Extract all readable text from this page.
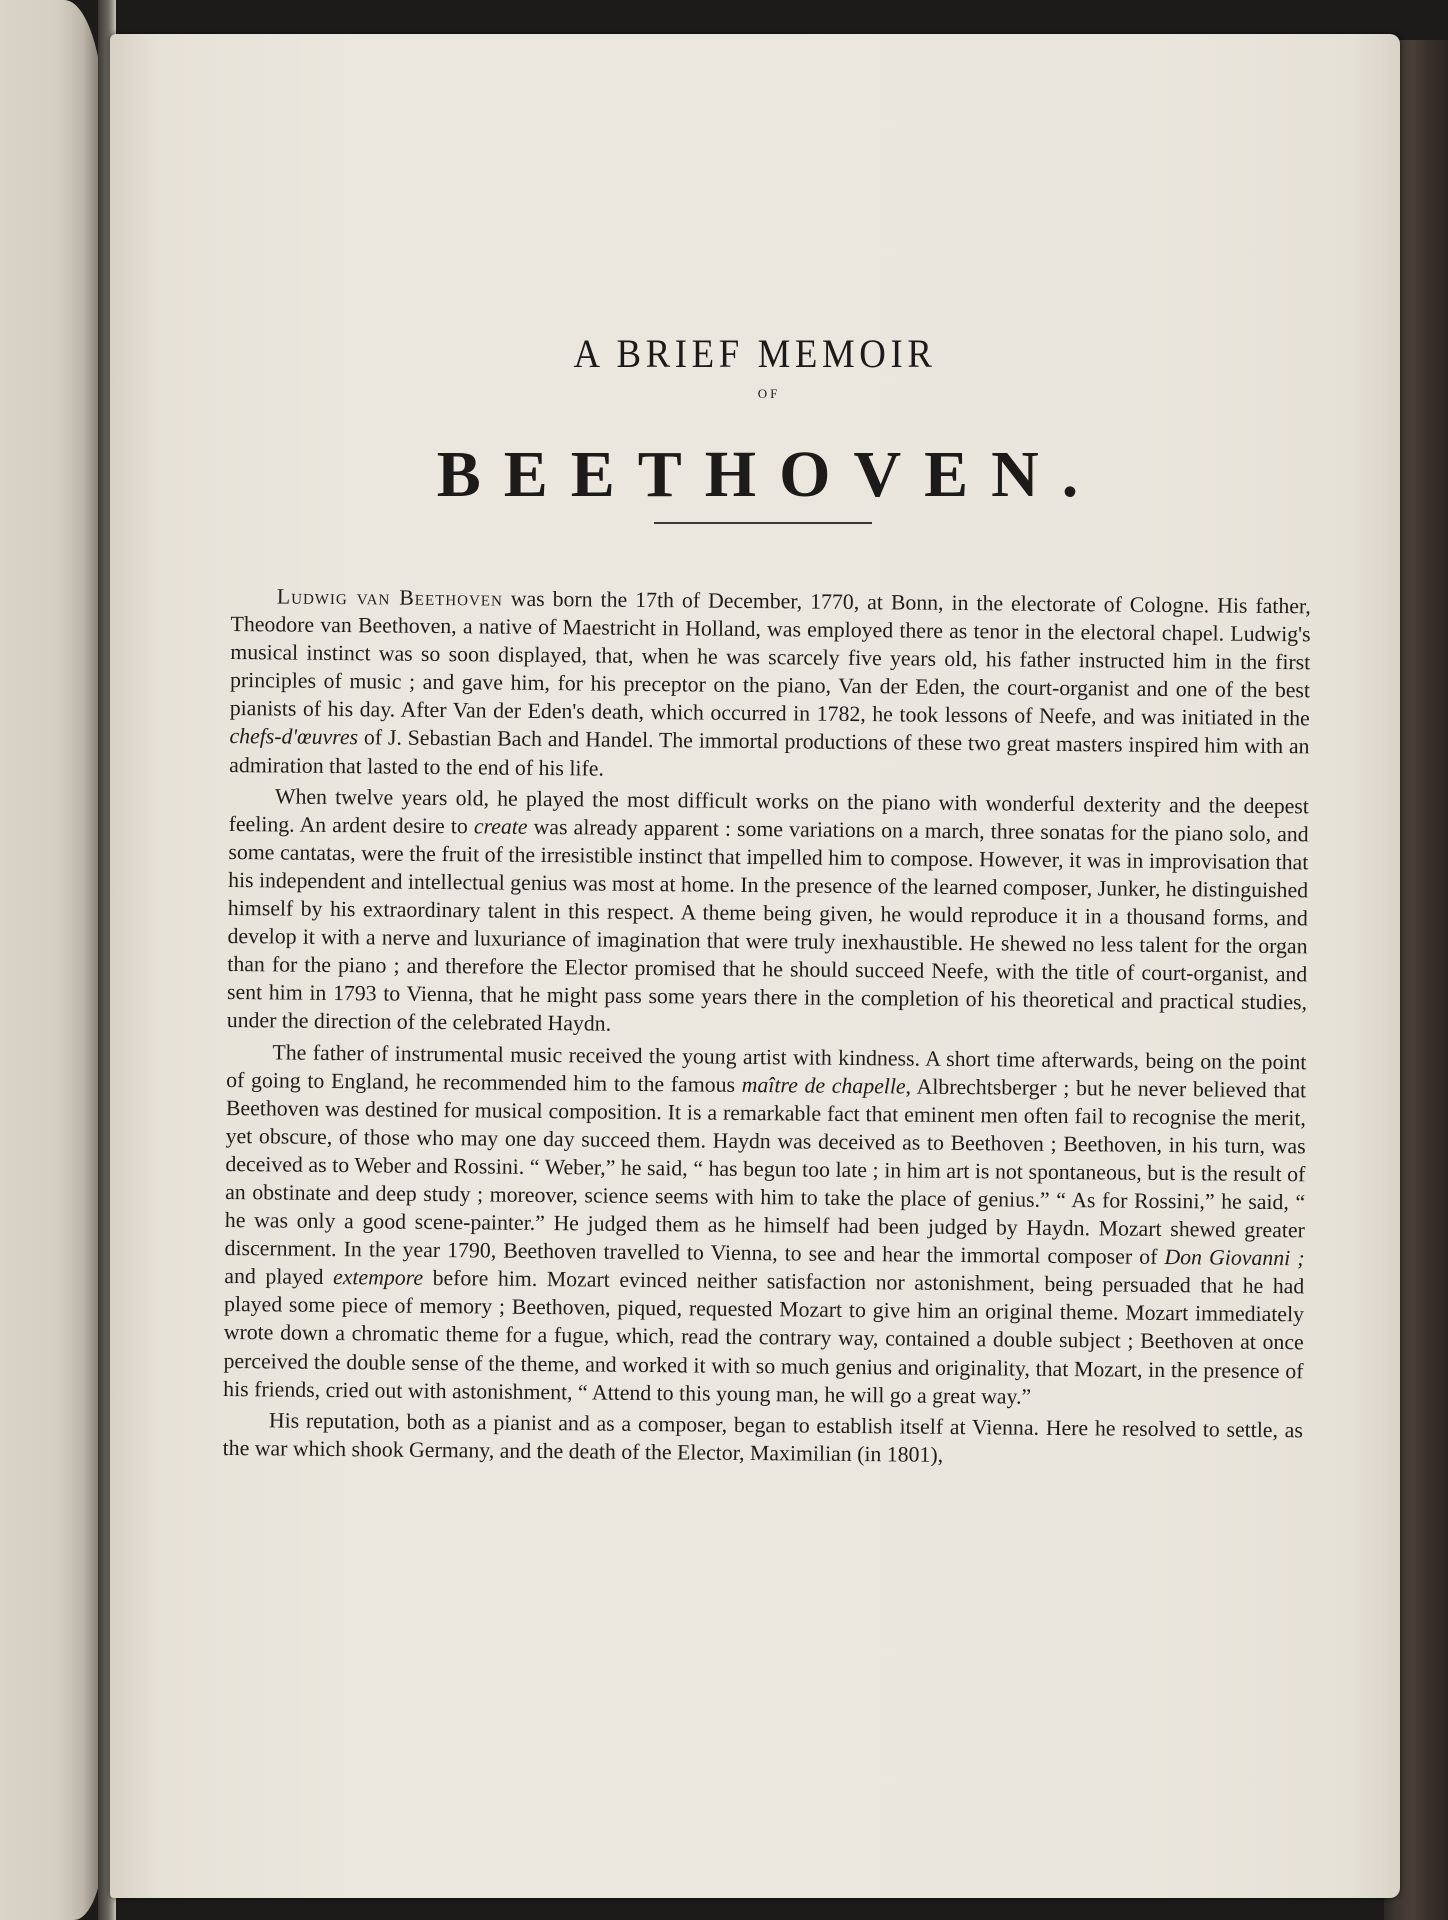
A BRIEF MEMOIR
OF
BEETHOVEN.

Ludwig van Beethoven was born the 17th of December, 1770, at Bonn, in the electorate of Cologne. His father, Theodore van Beethoven, a native of Maestricht in Holland, was employed there as tenor in the electoral chapel. Ludwig's musical instinct was so soon displayed, that, when he was scarcely five years old, his father instructed him in the first principles of music ; and gave him, for his preceptor on the piano, Van der Eden, the court-organist and one of the best pianists of his day. After Van der Eden's death, which occurred in 1782, he took lessons of Neefe, and was initiated in the chefs-d'œuvres of J. Sebastian Bach and Handel. The immortal productions of these two great masters inspired him with an admiration that lasted to the end of his life.

When twelve years old, he played the most difficult works on the piano with wonderful dexterity and the deepest feeling. An ardent desire to create was already apparent : some variations on a march, three sonatas for the piano solo, and some cantatas, were the fruit of the irresistible instinct that impelled him to compose. However, it was in improvisation that his independent and intellectual genius was most at home. In the presence of the learned composer, Junker, he distinguished himself by his extraordinary talent in this respect. A theme being given, he would reproduce it in a thousand forms, and develop it with a nerve and luxuriance of imagination that were truly inexhaustible. He shewed no less talent for the organ than for the piano ; and therefore the Elector promised that he should succeed Neefe, with the title of court-organist, and sent him in 1793 to Vienna, that he might pass some years there in the completion of his theoretical and practical studies, under the direction of the celebrated Haydn.

The father of instrumental music received the young artist with kindness. A short time afterwards, being on the point of going to England, he recommended him to the famous maître de chapelle, Albrechtsberger ; but he never believed that Beethoven was destined for musical composition. It is a remarkable fact that eminent men often fail to recognise the merit, yet obscure, of those who may one day succeed them. Haydn was deceived as to Beethoven ; Beethoven, in his turn, was deceived as to Weber and Rossini. “ Weber,” he said, “ has begun too late ; in him art is not spontaneous, but is the result of an obstinate and deep study ; moreover, science seems with him to take the place of genius.” “ As for Rossini,” he said, “ he was only a good scene-painter.” He judged them as he himself had been judged by Haydn. Mozart shewed greater discernment. In the year 1790, Beethoven travelled to Vienna, to see and hear the immortal composer of Don Giovanni ; and played extempore before him. Mozart evinced neither satisfaction nor astonishment, being persuaded that he had played some piece of memory ; Beethoven, piqued, requested Mozart to give him an original theme. Mozart immediately wrote down a chromatic theme for a fugue, which, read the contrary way, contained a double subject ; Beethoven at once perceived the double sense of the theme, and worked it with so much genius and originality, that Mozart, in the presence of his friends, cried out with astonishment, “ Attend to this young man, he will go a great way.”

His reputation, both as a pianist and as a composer, began to establish itself at Vienna. Here he resolved to settle, as the war which shook Germany, and the death of the Elector, Maximilian (in 1801),
